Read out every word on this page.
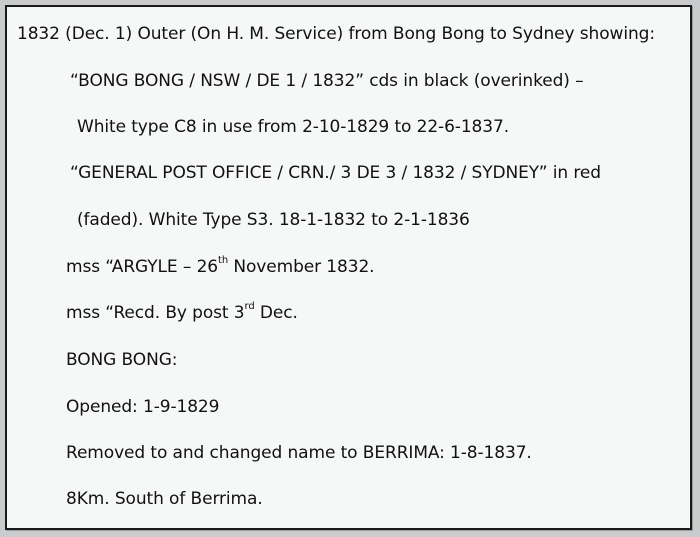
1832 (Dec. 1) Outer (On H. M. Service) from Bong Bong to Sydney showing:
“BONG BONG / NSW / DE 1 / 1832” cds in black (overinked) –
White type C8 in use from 2-10-1829 to 22-6-1837.
“GENERAL POST OFFICE / CRN./ 3 DE 3 / 1832 / SYDNEY” in red
(faded). White Type S3. 18-1-1832 to 2-1-1836
mss “ARGYLE – 26th November 1832.
mss “Recd. By post 3rd Dec.
BONG BONG:
Opened: 1-9-1829
Removed to and changed name to BERRIMA: 1-8-1837.
8Km. South of Berrima.
